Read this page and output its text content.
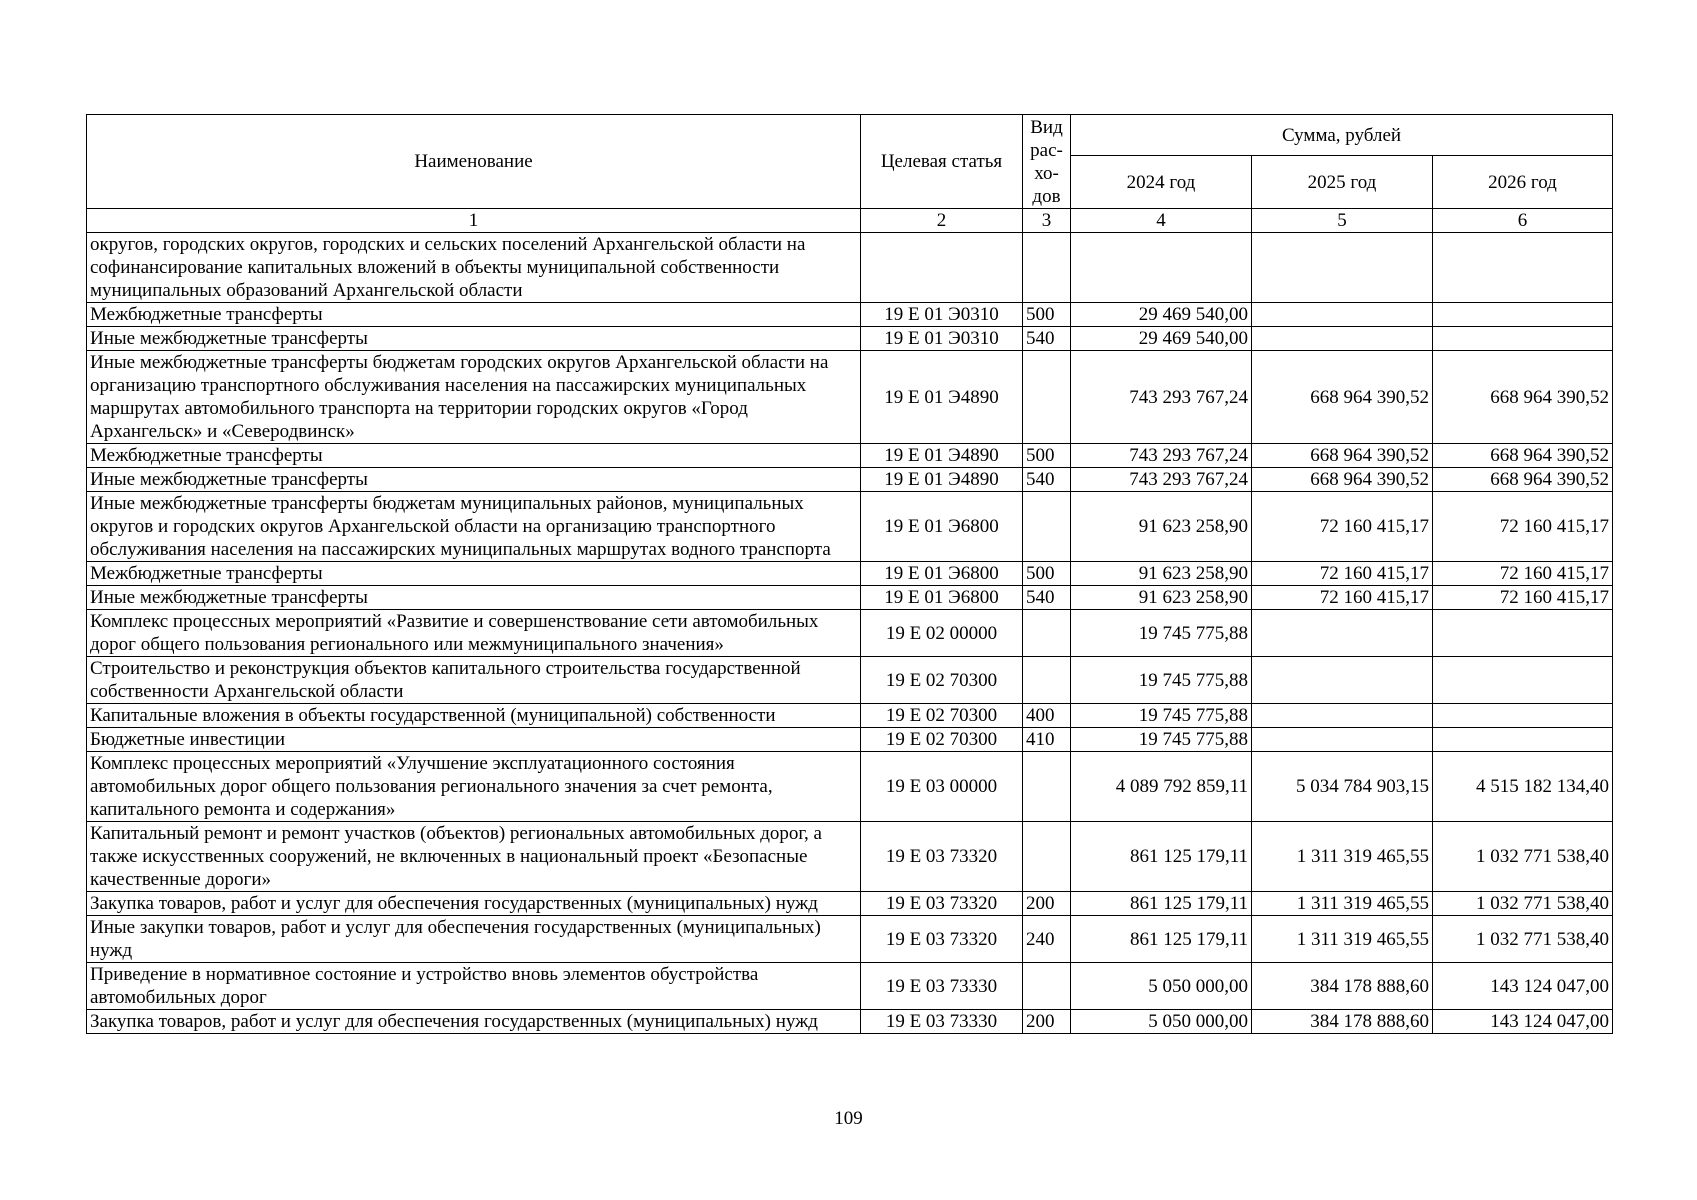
Наименование	Целевая статья	Вид рас-хо-дов	Сумма, рублей		
			2024 год	2025 год	2026 год
1	2	3	4	5	6
округов, городских округов, городских и сельских поселений Архангельской области на софинансирование капитальных вложений в объекты муниципальной собственности муниципальных образований Архангельской области					
Межбюджетные трансферты	19 Е 01 Э0310	500	29 469 540,00		
Иные межбюджетные трансферты	19 Е 01 Э0310	540	29 469 540,00		
Иные межбюджетные трансферты бюджетам городских округов Архангельской области на организацию транспортного обслуживания населения на пассажирских муниципальных маршрутах автомобильного транспорта на территории городских округов «Город Архангельск» и «Северодвинск»	19 Е 01 Э4890		743 293 767,24	668 964 390,52	668 964 390,52
Межбюджетные трансферты	19 Е 01 Э4890	500	743 293 767,24	668 964 390,52	668 964 390,52
Иные межбюджетные трансферты	19 Е 01 Э4890	540	743 293 767,24	668 964 390,52	668 964 390,52
Иные межбюджетные трансферты бюджетам муниципальных районов, муниципальных округов и городских округов Архангельской области на организацию транспортного обслуживания населения на пассажирских муниципальных маршрутах водного транспорта	19 Е 01 Э6800		91 623 258,90	72 160 415,17	72 160 415,17
Межбюджетные трансферты	19 Е 01 Э6800	500	91 623 258,90	72 160 415,17	72 160 415,17
Иные межбюджетные трансферты	19 Е 01 Э6800	540	91 623 258,90	72 160 415,17	72 160 415,17
Комплекс процессных мероприятий «Развитие и совершенствование сети автомобильных дорог общего пользования регионального или межмуниципального значения»	19 Е 02 00000		19 745 775,88		
Строительство и реконструкция объектов капитального строительства государственной собственности Архангельской области	19 Е 02 70300		19 745 775,88		
Капитальные вложения в объекты государственной (муниципальной) собственности	19 Е 02 70300	400	19 745 775,88		
Бюджетные инвестиции	19 Е 02 70300	410	19 745 775,88		
Комплекс процессных мероприятий «Улучшение эксплуатационного состояния автомобильных дорог общего пользования регионального значения за счет ремонта, капитального ремонта и содержания»	19 Е 03 00000		4 089 792 859,11	5 034 784 903,15	4 515 182 134,40
Капитальный ремонт и ремонт участков (объектов) региональных автомобильных дорог, а также искусственных сооружений, не включенных в национальный проект «Безопасные качественные дороги»	19 Е 03 73320		861 125 179,11	1 311 319 465,55	1 032 771 538,40
Закупка товаров, работ и услуг для обеспечения государственных (муниципальных) нужд	19 Е 03 73320	200	861 125 179,11	1 311 319 465,55	1 032 771 538,40
Иные закупки товаров, работ и услуг для обеспечения государственных (муниципальных) нужд	19 Е 03 73320	240	861 125 179,11	1 311 319 465,55	1 032 771 538,40
Приведение в нормативное состояние и устройство вновь элементов обустройства автомобильных дорог	19 Е 03 73330		5 050 000,00	384 178 888,60	143 124 047,00
Закупка товаров, работ и услуг для обеспечения государственных (муниципальных) нужд	19 Е 03 73330	200	5 050 000,00	384 178 888,60	143 124 047,00
109
